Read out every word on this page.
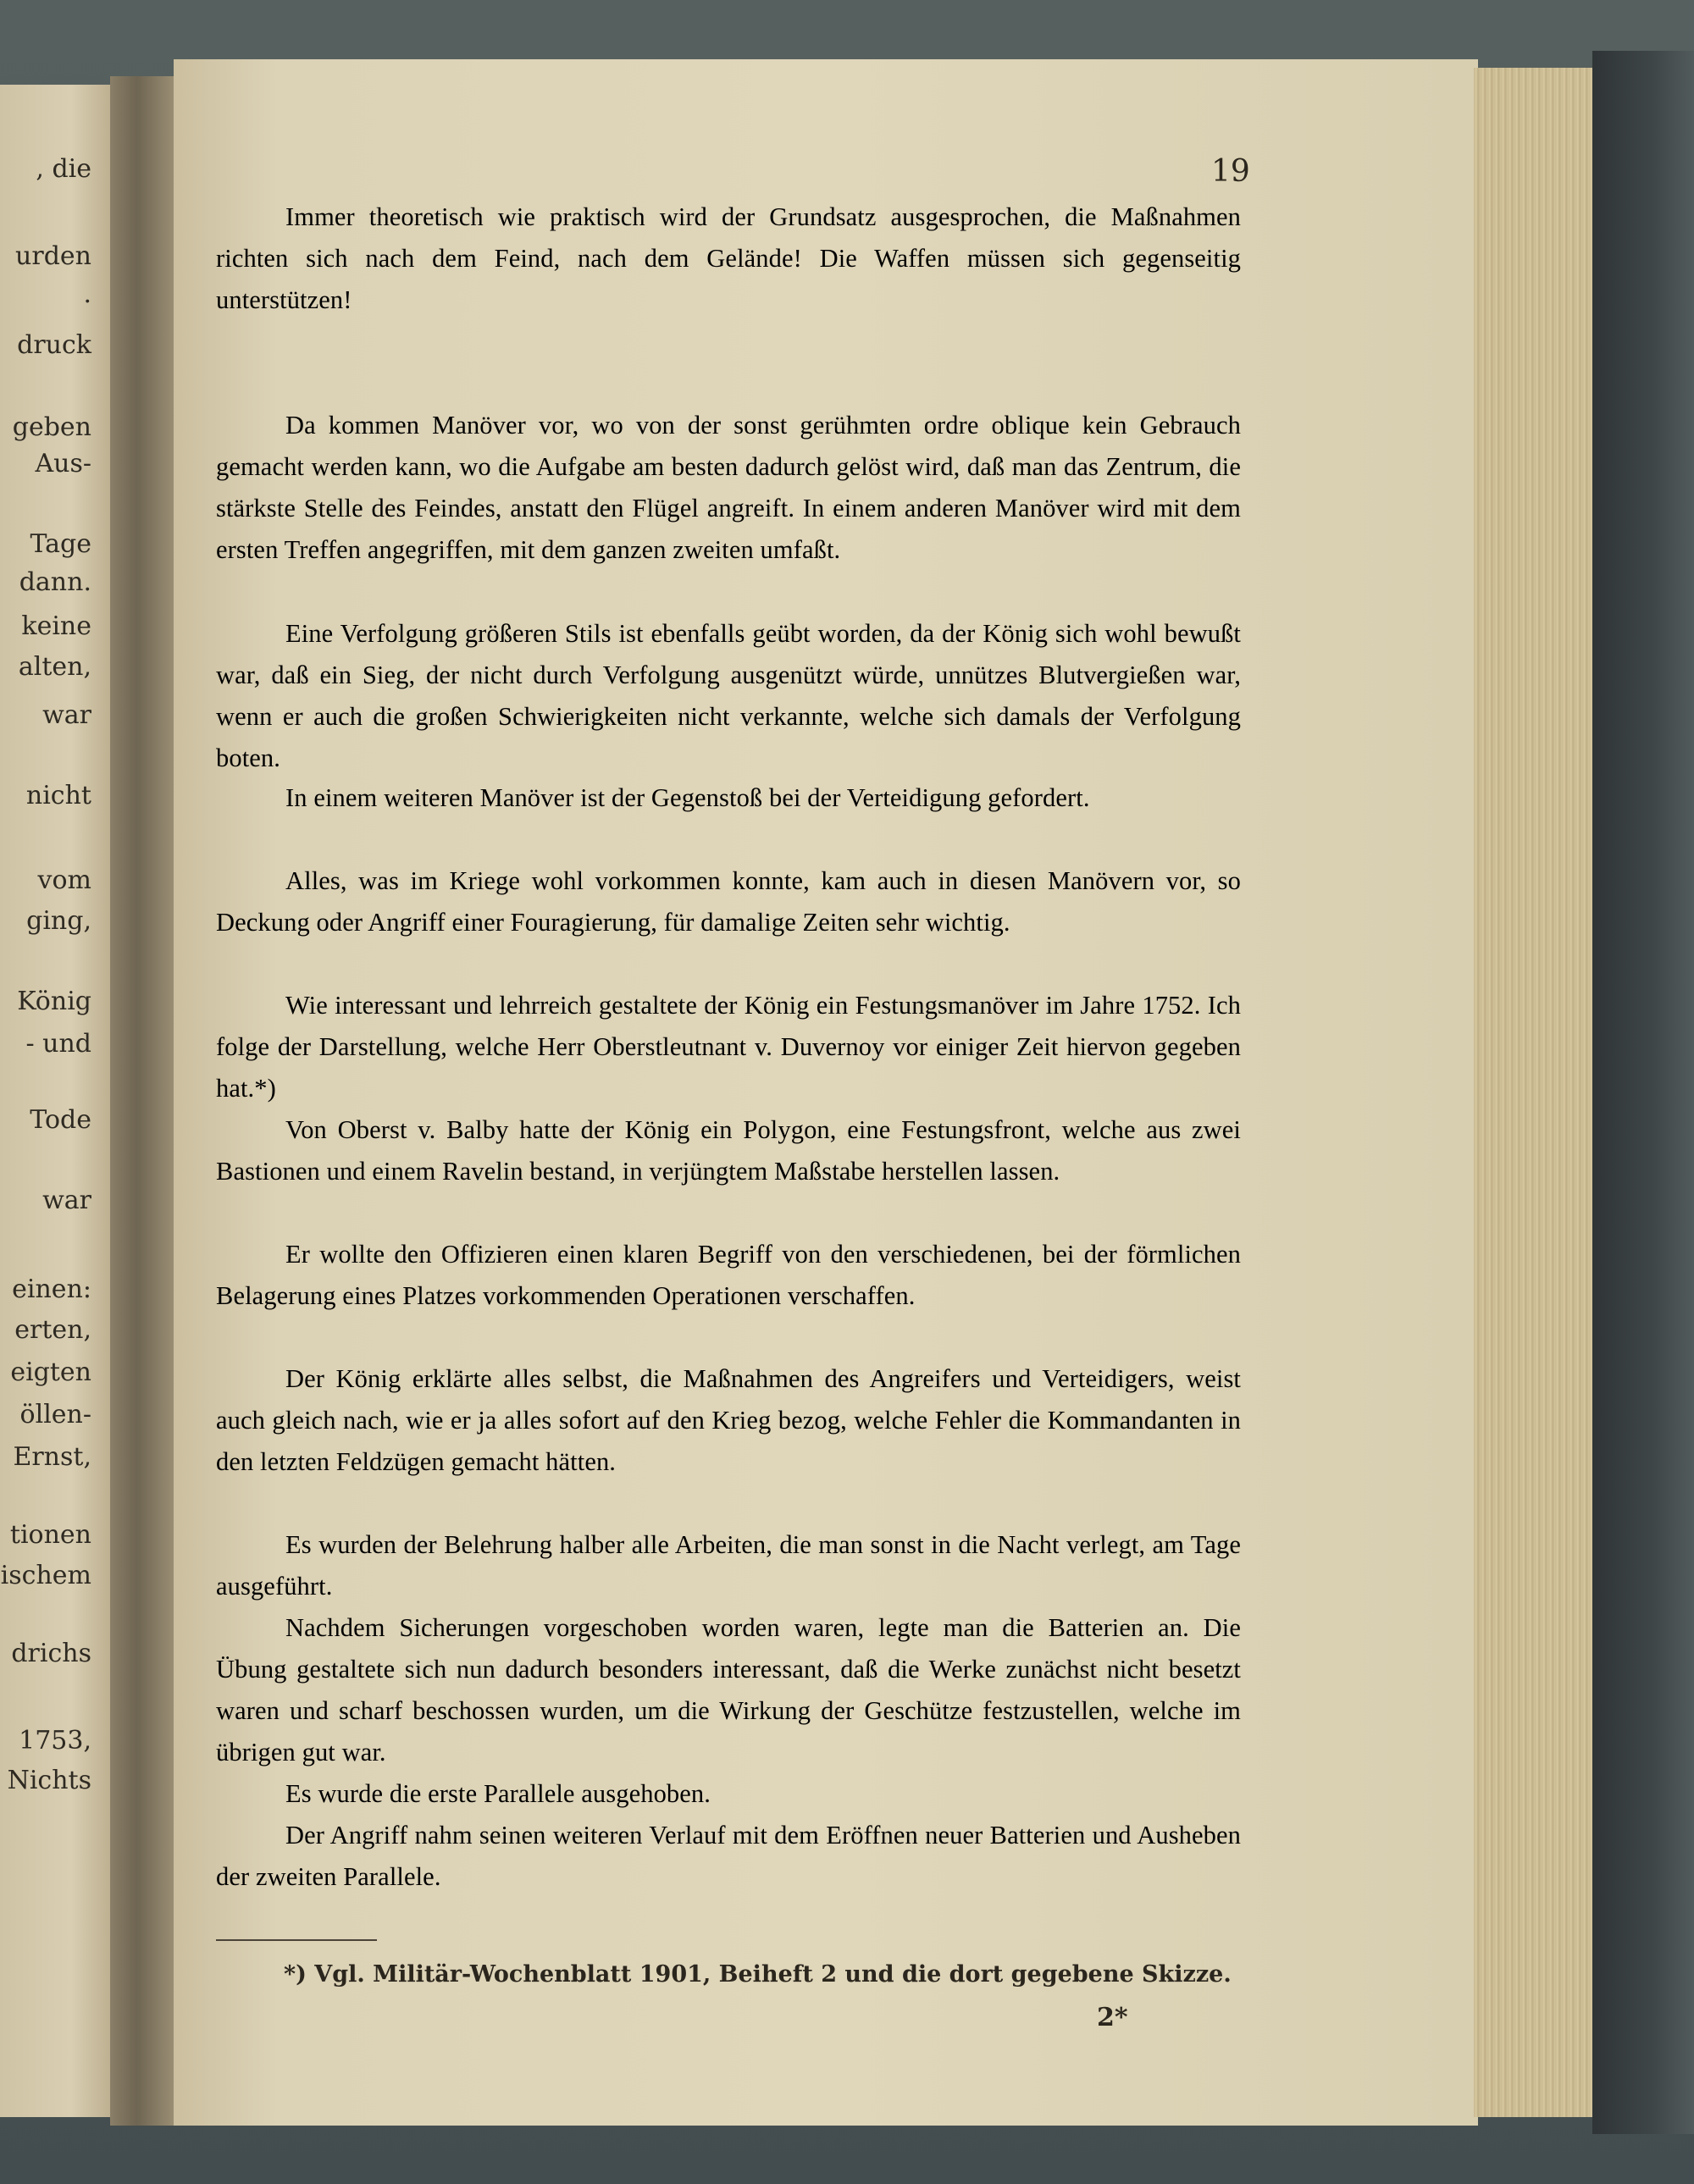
, die
urden
.
druck
geben
Aus-
Tage
dann.
keine
alten,
war
nicht
vom
ging,
König
- und
Tode
war
einen:
erten,
eigten
öllen-
Ernst,
tionen
ischem
drichs
1753,
Nichts
19

Immer theoretisch wie praktisch wird der Grundsatz ausgesprochen, die Maßnahmen richten sich nach dem Feind, nach dem Gelände! Die Waffen müssen sich gegenseitig unterstützen!

Da kommen Manöver vor, wo von der sonst gerühmten ordre oblique kein Gebrauch gemacht werden kann, wo die Aufgabe am besten dadurch gelöst wird, daß man das Zentrum, die stärkste Stelle des Feindes, anstatt den Flügel angreift. In einem anderen Manöver wird mit dem ersten Treffen angegriffen, mit dem ganzen zweiten umfaßt.

Eine Verfolgung größeren Stils ist ebenfalls geübt worden, da der König sich wohl bewußt war, daß ein Sieg, der nicht durch Verfolgung ausgenützt würde, unnützes Blutvergießen war, wenn er auch die großen Schwierigkeiten nicht verkannte, welche sich damals der Verfolgung boten.

In einem weiteren Manöver ist der Gegenstoß bei der Verteidigung gefordert.

Alles, was im Kriege wohl vorkommen konnte, kam auch in diesen Manövern vor, so Deckung oder Angriff einer Fouragierung, für damalige Zeiten sehr wichtig.

Wie interessant und lehrreich gestaltete der König ein Festungsmanöver im Jahre 1752. Ich folge der Darstellung, welche Herr Oberstleutnant v. Duvernoy vor einiger Zeit hiervon gegeben hat.*)

Von Oberst v. Balby hatte der König ein Polygon, eine Festungsfront, welche aus zwei Bastionen und einem Ravelin bestand, in verjüngtem Maßstabe herstellen lassen.

Er wollte den Offizieren einen klaren Begriff von den verschiedenen, bei der förmlichen Belagerung eines Platzes vorkommenden Operationen verschaffen.

Der König erklärte alles selbst, die Maßnahmen des Angreifers und Verteidigers, weist auch gleich nach, wie er ja alles sofort auf den Krieg bezog, welche Fehler die Kommandanten in den letzten Feldzügen gemacht hätten.

Es wurden der Belehrung halber alle Arbeiten, die man sonst in die Nacht verlegt, am Tage ausgeführt.

Nachdem Sicherungen vorgeschoben worden waren, legte man die Batterien an. Die Übung gestaltete sich nun dadurch besonders interessant, daß die Werke zunächst nicht besetzt waren und scharf beschossen wurden, um die Wirkung der Geschütze festzustellen, welche im übrigen gut war.

Es wurde die erste Parallele ausgehoben.

Der Angriff nahm seinen weiteren Verlauf mit dem Eröffnen neuer Batterien und Ausheben der zweiten Parallele.

*) Vgl. Militär-Wochenblatt 1901, Beiheft 2 und die dort gegebene Skizze.
2*
